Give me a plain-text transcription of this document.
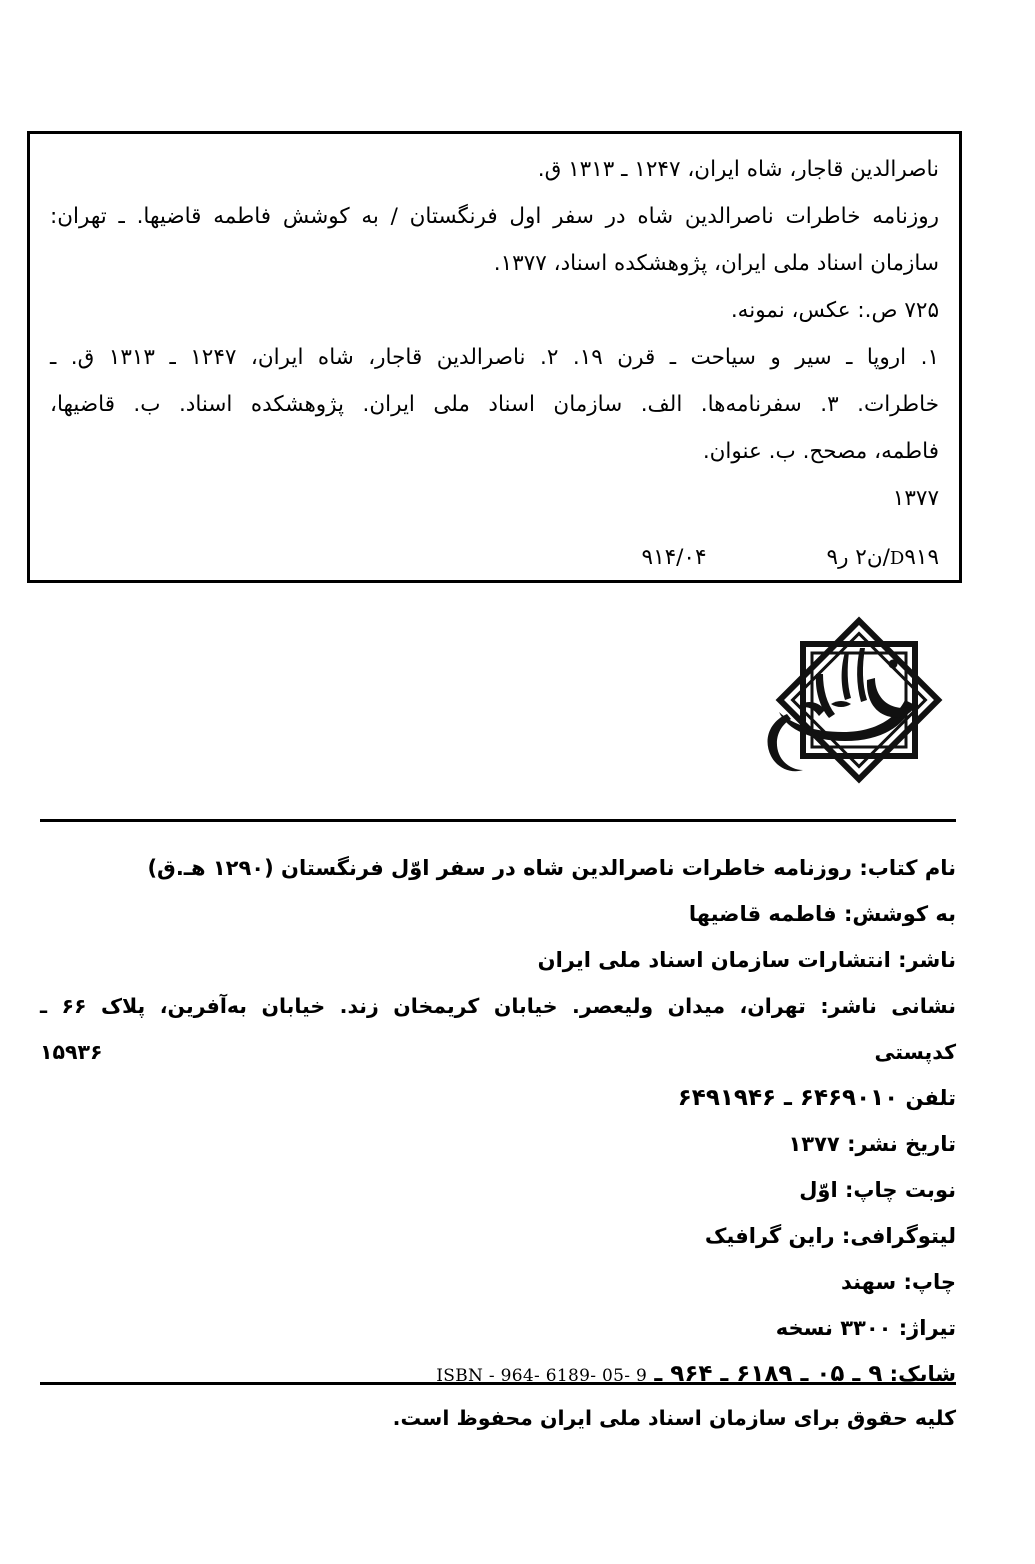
ناصرالدین قاجار، شاه ایران، ۱۲۴۷ ـ ۱۳۱۳ ق.
روزنامه خاطرات ناصرالدین شاه در سفر اول فرنگستان / به کوشش فاطمه قاضیها. ـ تهران:
سازمان اسناد ملی ایران، پژوهشکده اسناد، ۱۳۷۷.
۷۲۵ ص.: عکس، نمونه.
۱. اروپا ـ سیر و سیاحت ـ قرن ۱۹. ۲. ناصرالدین قاجار، شاه ایران، ۱۲۴۷ ـ ۱۳۱۳ ق. ـ
خاطرات. ۳. سفرنامه‌ها. الف. سازمان اسناد ملی ایران. پژوهشکده اسناد. ب. قاضیها،
فاطمه، مصحح. ب. عنوان.
۱۳۷۷
D۹۱۹/ن۲ ر۹
۹۱۴/۰۴
نام کتاب: روزنامه خاطرات ناصرالدین شاه در سفر اوّل فرنگستان (۱۲۹۰ هـ.ق)
به کوشش: فاطمه قاضیها
ناشر: انتشارات سازمان اسناد ملی ایران
نشانی ناشر: تهران، میدان ولیعصر. خیابان کریمخان زند. خیابان به‌آفرین، پلاک ۶۶ ـ کدپستی ۱۵۹۳۶
تلفن ۶۴۶۹۰۱۰ ـ ۶۴۹۱۹۴۶
تاریخ نشر: ۱۳۷۷
نوبت چاپ: اوّل
لیتوگرافی: راین گرافیک
چاپ: سهند
تیراژ: ۳۳۰۰ نسخه
شابک: ۹ ـ ۰۵ ـ ۶۱۸۹ ـ ۹۶۴ ـ ISBN - 964- 6189- 05- 9
کلیه حقوق برای سازمان اسناد ملی ایران محفوظ است.
